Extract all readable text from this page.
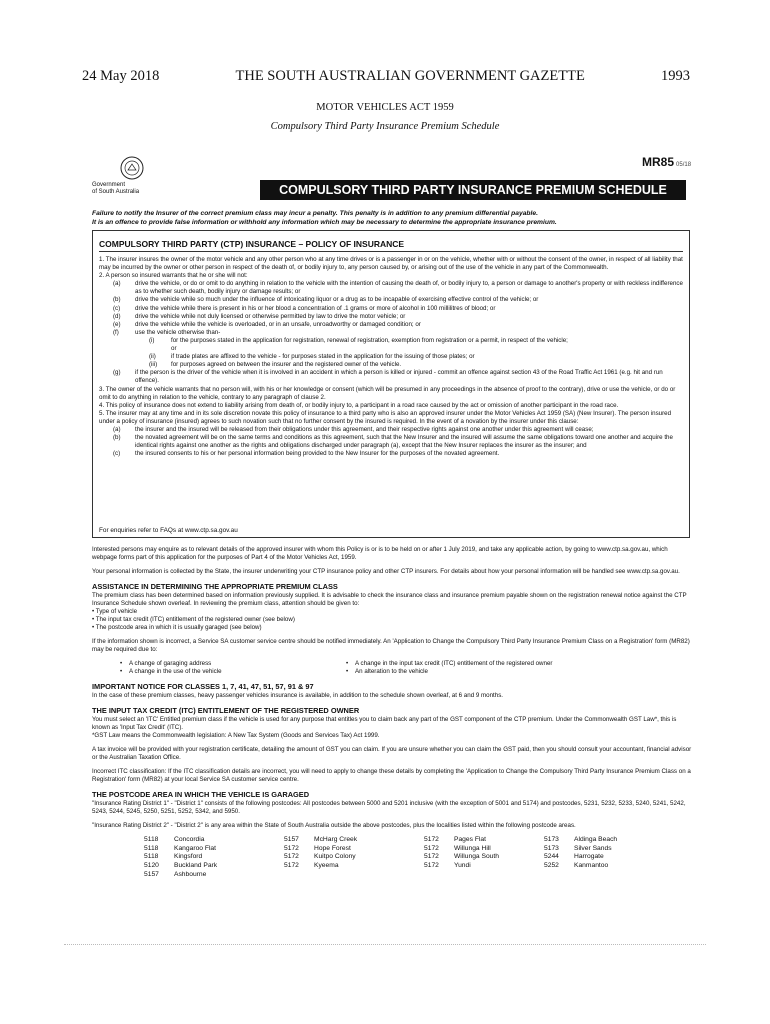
24 May 2018	THE SOUTH AUSTRALIAN GOVERNMENT GAZETTE	1993
MOTOR VEHICLES ACT 1959
Compulsory Third Party Insurance Premium Schedule
Government
of South Australia
MR85 05/18
COMPULSORY THIRD PARTY INSURANCE PREMIUM SCHEDULE
Failure to notify the Insurer of the correct premium class may incur a penalty. This penalty is in addition to any premium differential payable.
It is an offence to provide false information or withhold any information which may be necessary to determine the appropriate insurance premium.
COMPULSORY THIRD PARTY (CTP) INSURANCE – POLICY OF INSURANCE

1. The insurer insures the owner of the motor vehicle and any other person who at any time drives or is a passenger in or on the vehicle, whether with or without the consent of the owner, in respect of all liability that may be incurred by the owner or other person in respect of the death of, or bodily injury to, any person caused by, or arising out of the use of the vehicle in any part of the Commonwealth.

2. A person so insured warrants that he or she will not:

(a)	drive the vehicle, or do or omit to do anything in relation to the vehicle with the intention of causing the death of, or bodily injury to, a person or damage to another's property or with reckless indifference as to whether such death, bodily injury or damage results; or
(b)	drive the vehicle while so much under the influence of intoxicating liquor or a drug as to be incapable of exercising effective control of the vehicle; or
(c)	drive the vehicle while there is present in his or her blood a concentration of .1 grams or more of alcohol in 100 millilitres of blood; or
(d)	drive the vehicle while not duly licensed or otherwise permitted by law to drive the motor vehicle; or
(e)	drive the vehicle while the vehicle is overloaded, or in an unsafe, unroadworthy or damaged condition; or
(f)	use the vehicle otherwise than-
(i)	for the purposes stated in the application for registration, renewal of registration, exemption from registration or a permit, in respect of the vehicle;
or
(ii)	if trade plates are affixed to the vehicle - for purposes stated in the application for the issuing of those plates; or
(iii)	for purposes agreed on between the insurer and the registered owner of the vehicle.
(g)	if the person is the driver of the vehicle when it is involved in an accident in which a person is killed or injured - commit an offence against section 43 of the Road Traffic Act 1961 (e.g. hit and run offence).

3. The owner of the vehicle warrants that no person will, with his or her knowledge or consent (which will be presumed in any proceedings in the absence of proof to the contrary), drive or use the vehicle, or do or omit to do anything in relation to the vehicle, contrary to any paragraph of clause 2.

4. This policy of insurance does not extend to liability arising from death of, or bodily injury to, a participant in a road race caused by the act or omission of another participant in the road race.

5. The insurer may at any time and in its sole discretion novate this policy of insurance to a third party who is also an approved insurer under the Motor Vehicles Act 1959 (SA) (New Insurer). The person insured under a policy of insurance (insured) agrees to such novation such that no further consent by the insured is required. In the event of a novation by the insurer under this clause:

(a)	the insurer and the insured will be released from their obligations under this agreement, and their respective rights against one another under this agreement will cease;
(b)	the novated agreement will be on the same terms and conditions as this agreement, such that the New Insurer and the insured will assume the same obligations toward one another and acquire the identical rights against one another as the rights and obligations discharged under paragraph (a), except that the New Insurer replaces the insurer as the insurer; and
(c)	the insured consents to his or her personal information being provided to the New Insurer for the purposes of the novated agreement.
For enquiries refer to FAQs at www.ctp.sa.gov.au

Interested persons may enquire as to relevant details of the approved insurer with whom this Policy is or is to be held on or after 1 July 2019, and take any applicable action, by going to www.ctp.sa.gov.au, which webpage forms part of this application for the purposes of Part 4 of the Motor Vehicles Act, 1959.

Your personal information is collected by the State, the insurer underwriting your CTP insurance policy and other CTP insurers. For details about how your personal information will be handled see www.ctp.sa.gov.au.

ASSISTANCE IN DETERMINING THE APPROPRIATE PREMIUM CLASS

The premium class has been determined based on information previously supplied. It is advisable to check the insurance class and insurance premium payable shown on the registration renewal notice against the CTP Insurance Schedule shown overleaf. In reviewing the premium class, attention should be given to:
• Type of vehicle
• The input tax credit (ITC) entitlement of the registered owner (see below)
• The postcode area in which it is usually garaged (see below)

If the information shown is incorrect, a Service SA customer service centre should be notified immediately. An 'Application to Change the Compulsory Third Party Insurance Premium Class on a Registration' form (MR82) may be required due to:

•    A change of garaging address	•    A change in the input tax credit (ITC) entitlement of the registered owner
•    A change in the use of the vehicle	•    An alteration to the vehicle
IMPORTANT NOTICE FOR CLASSES 1, 7, 41, 47, 51, 57, 91 & 97

In the case of these premium classes, heavy passenger vehicles insurance is available, in addition to the schedule shown overleaf, at 6 and 9 months.

THE INPUT TAX CREDIT (ITC) ENTITLEMENT OF THE REGISTERED OWNER

You must select an 'ITC' Entitled premium class if the vehicle is used for any purpose that entitles you to claim back any part of the GST component of the CTP premium. Under the Commonwealth GST Law*, this is known as 'Input Tax Credit' (ITC).
*GST Law means the Commonwealth legislation: A New Tax System (Goods and Services Tax) Act 1999.

A tax invoice will be provided with your registration certificate, detailing the amount of GST you can claim. If you are unsure whether you can claim the GST paid, then you should consult your accountant, financial advisor or the Australian Taxation Office.

Incorrect ITC classification: If the ITC classification details are incorrect, you will need to apply to change these details by completing the 'Application to Change the Compulsory Third Party Insurance Premium Class on a Registration' form (MR82) at your local Service SA customer service centre.

THE POSTCODE AREA IN WHICH THE VEHICLE IS GARAGED

"Insurance Rating District 1" - "District 1" consists of the following postcodes: All postcodes between 5000 and 5201 inclusive (with the exception of 5001 and 5174) and postcodes, 5231, 5232, 5233, 5240, 5241, 5242, 5243, 5244, 5245, 5250, 5251, 5252, 5342, and 5950.

"Insurance Rating District 2" - "District 2" is any area within the State of South Australia outside the above postcodes, plus the localities listed within the following postcode areas.

5118	Concordia	5157	McHarg Creek	5172	Pages Flat	5173	Aldinga Beach
5118	Kangaroo Flat	5172	Hope Forest	5172	Willunga Hill	5173	Silver Sands
5118	Kingsford	5172	Kuitpo Colony	5172	Willunga South	5244	Harrogate
5120	Buckland Park	5172	Kyeema	5172	Yundi	5252	Kanmantoo
5157	Ashbourne
